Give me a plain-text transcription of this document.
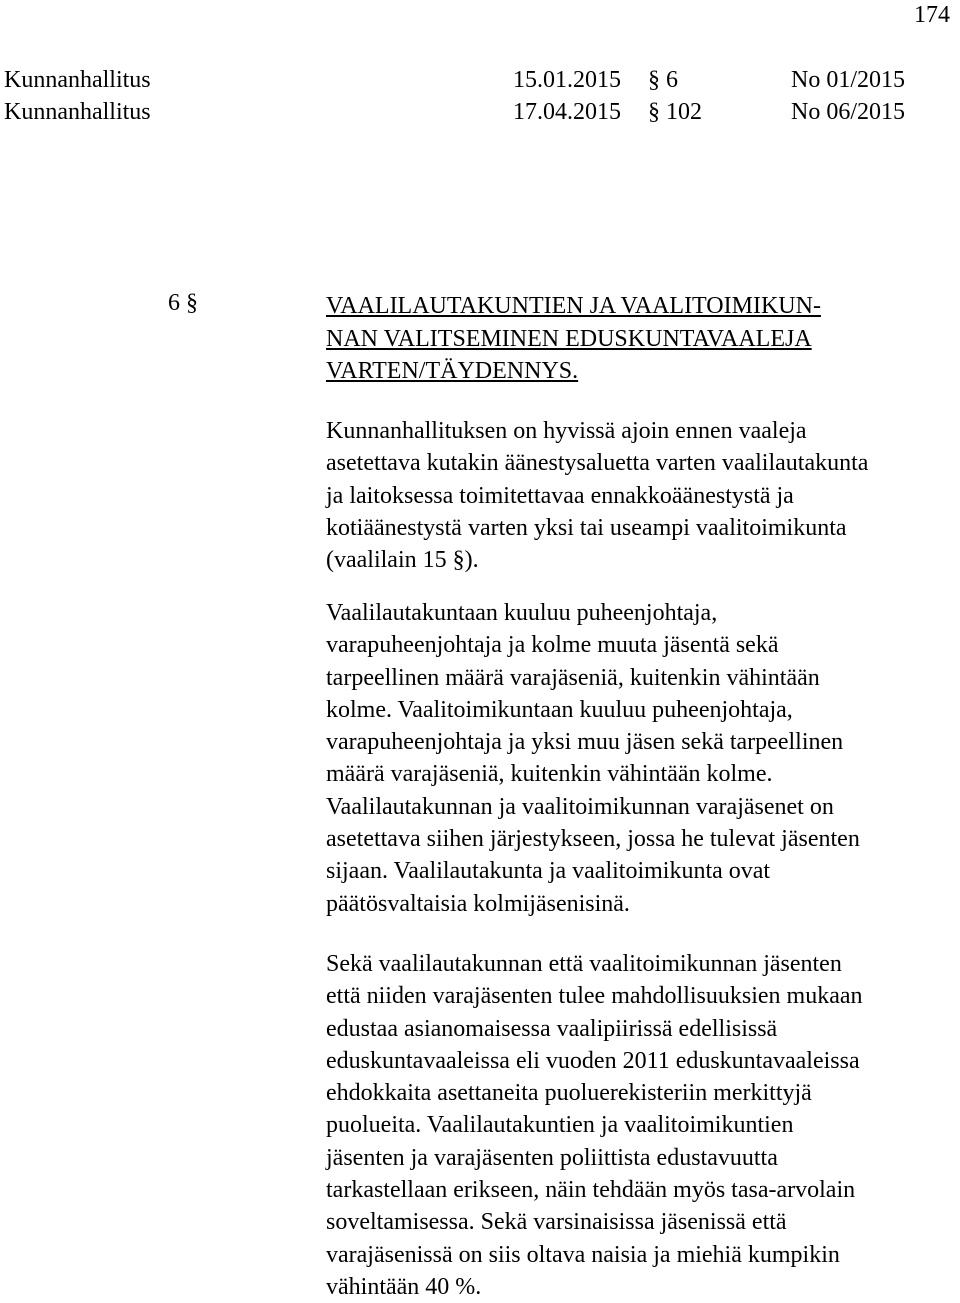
174
Kunnanhallitus	15.01.2015 § 6	No 01/2015
Kunnanhallitus	17.04.2015 § 102	No 06/2015
6 §	VAALILAUTAKUNTIEN JA VAALITOIMIKUN-
NAN VALITSEMINEN EDUSKUNTAVAALEJA
VARTEN/TÄYDENNYS.
Kunnanhallituksen on hyvissä ajoin ennen vaaleja
asetettava kutakin äänestysaluetta varten vaalilautakunta
ja laitoksessa toimitettavaa ennakkoäänestystä ja
kotiäänestystä varten yksi tai useampi vaalitoimikunta
(vaalilain 15 §).
Vaalilautakuntaan kuuluu puheenjohtaja,
varapuheenjohtaja ja kolme muuta jäsentä sekä
tarpeellinen määrä varajäseniä, kuitenkin vähintään
kolme. Vaalitoimikuntaan kuuluu puheenjohtaja,
varapuheenjohtaja ja yksi muu jäsen sekä tarpeellinen
määrä varajäseniä, kuitenkin vähintään kolme.
Vaalilautakunnan ja vaalitoimikunnan varajäsenet on
asetettava siihen järjestykseen, jossa he tulevat jäsenten
sijaan. Vaalilautakunta ja vaalitoimikunta ovat
päätösvaltaisia kolmijäsenisinä.
Sekä vaalilautakunnan että vaalitoimikunnan jäsenten
että niiden varajäsenten tulee mahdollisuuksien mukaan
edustaa asianomaisessa vaalipiirissä edellisissä
eduskuntavaaleissa eli vuoden 2011 eduskuntavaaleissa
ehdokkaita asettaneita puoluerekisteriin merkittyjä
puolueita. Vaalilautakuntien ja vaalitoimikuntien
jäsenten ja varajäsenten poliittista edustavuutta
tarkastellaan erikseen, näin tehdään myös tasa-arvolain
soveltamisessa. Sekä varsinaisissa jäsenissä että
varajäsenissä on siis oltava naisia ja miehiä kumpikin
vähintään 40 %.
